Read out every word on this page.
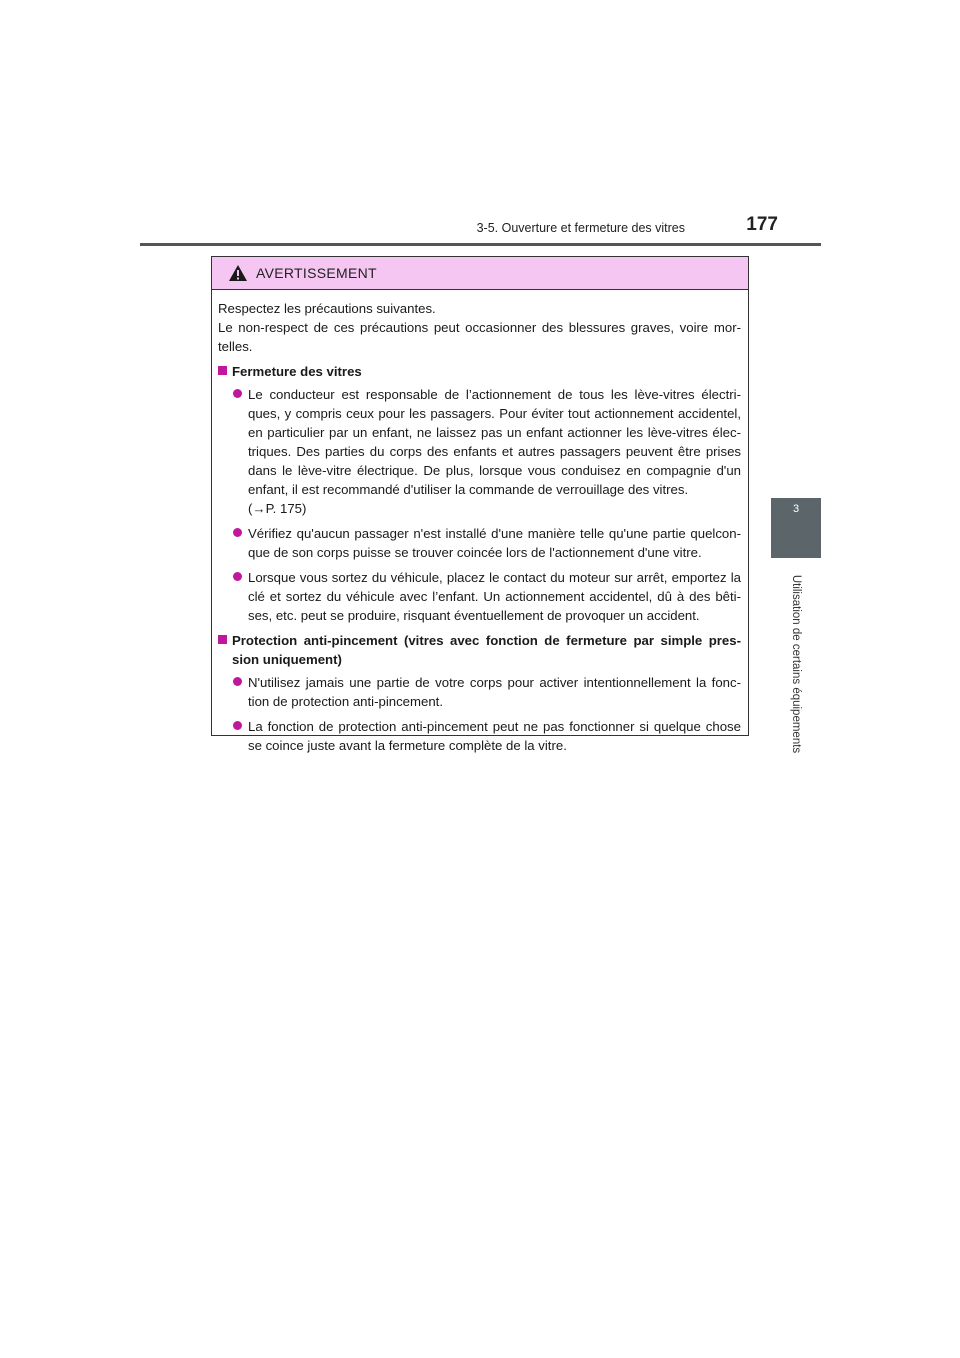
3-5. Ouverture et fermeture des vitres	177
3
Utilisation de certains équipements
AVERTISSEMENT
Respectez les précautions suivantes.
Le non-respect de ces précautions peut occasionner des blessures graves, voire mor-telles.
Fermeture des vitres
Le conducteur est responsable de l’actionnement de tous les lève-vitres électri-ques, y compris ceux pour les passagers. Pour éviter tout actionnement accidentel, en particulier par un enfant, ne laissez pas un enfant actionner les lève-vitres élec-triques. Des parties du corps des enfants et autres passagers peuvent être prises dans le lève-vitre électrique. De plus, lorsque vous conduisez en compagnie d'un enfant, il est recommandé d'utiliser la commande de verrouillage des vitres.
(→P. 175)
Vérifiez qu'aucun passager n'est installé d'une manière telle qu'une partie quelcon-que de son corps puisse se trouver coincée lors de l'actionnement d'une vitre.
Lorsque vous sortez du véhicule, placez le contact du moteur sur arrêt, emportez la clé et sortez du véhicule avec l’enfant. Un actionnement accidentel, dû à des bêti-ses, etc. peut se produire, risquant éventuellement de provoquer un accident.
Protection anti-pincement (vitres avec fonction de fermeture par simple pres-sion uniquement)
N'utilisez jamais une partie de votre corps pour activer intentionnellement la fonc-tion de protection anti-pincement.
La fonction de protection anti-pincement peut ne pas fonctionner si quelque chose se coince juste avant la fermeture complète de la vitre.
